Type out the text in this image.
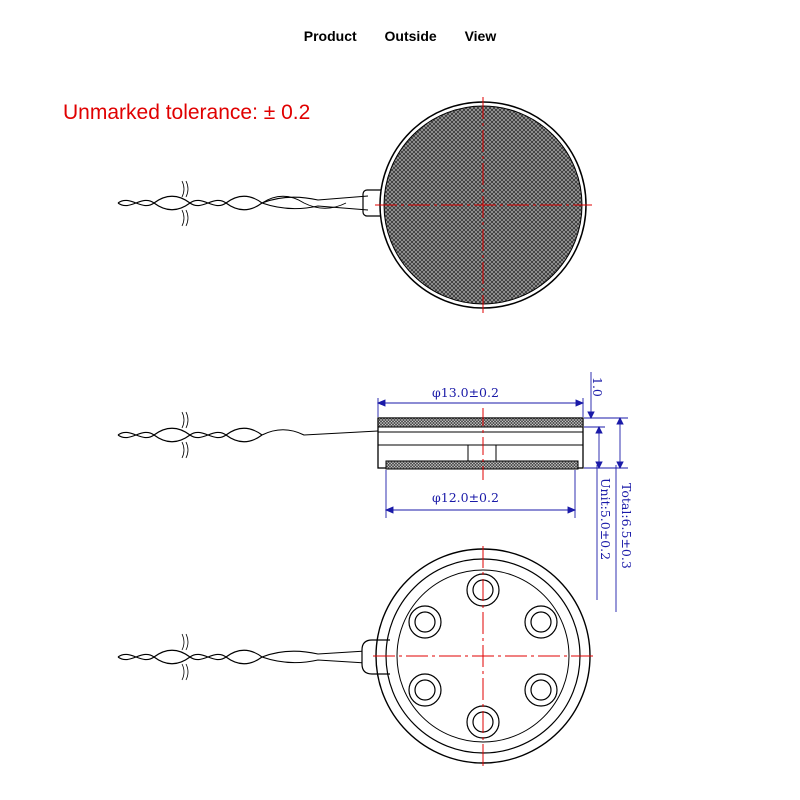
Product Outside View
Unmarked tolerance: ± 0.2
φ13.0±0.2
φ12.0±0.2
1.0
Unit:5.0±0.2 Total:6.5±0.3
